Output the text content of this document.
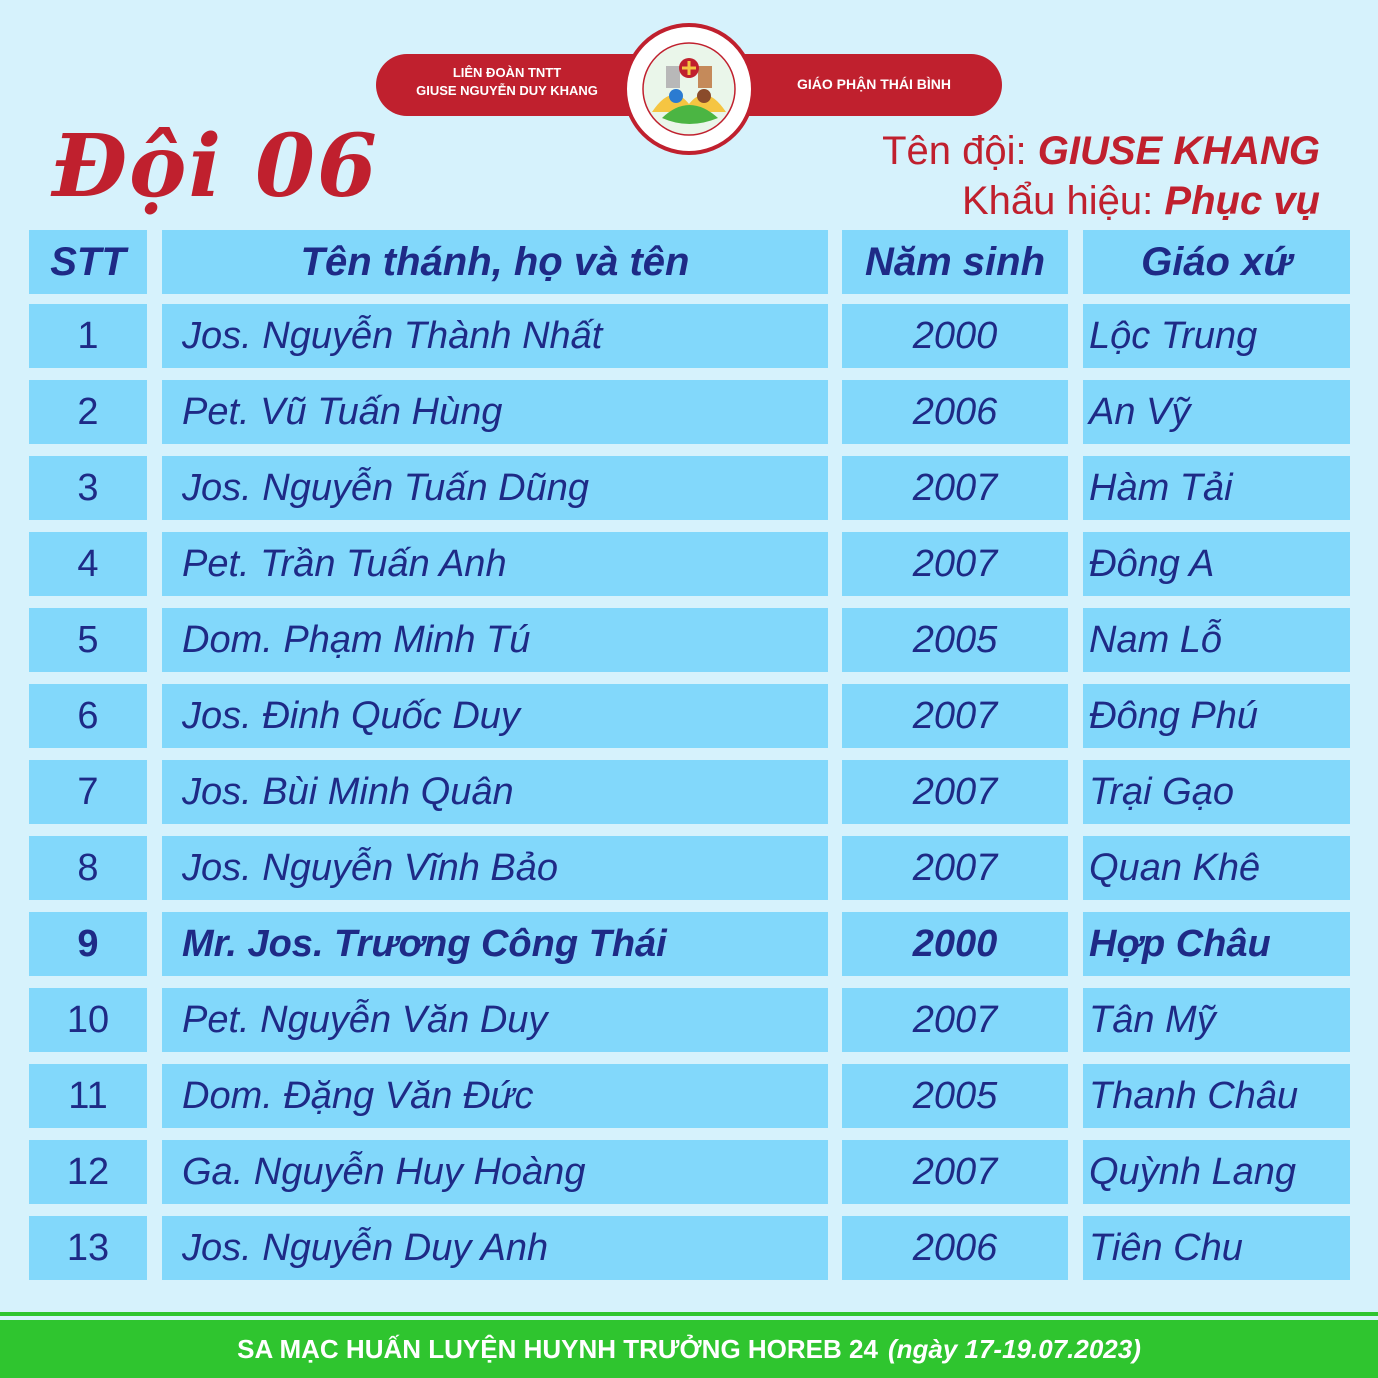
LIÊN ĐOÀN TNTT
GIUSE NGUYỄN DUY KHANG	GIÁO PHẬN THÁI BÌNH
Đội 06	Tên đội: GIUSE KHANG
Khẩu hiệu: Phục vụ
STT	Tên thánh, họ và tên	Năm sinh	Giáo xứ
1	Jos. Nguyễn Thành Nhất	2000	Lộc Trung
2	Pet. Vũ Tuấn Hùng	2006	An Vỹ
3	Jos. Nguyễn Tuấn Dũng	2007	Hàm Tải
4	Pet. Trần Tuấn Anh	2007	Đông A
5	Dom. Phạm Minh Tú	2005	Nam Lỗ
6	Jos. Đinh Quốc Duy	2007	Đông Phú
7	Jos. Bùi Minh Quân	2007	Trại Gạo
8	Jos. Nguyễn Vĩnh Bảo	2007	Quan Khê
9	Mr. Jos. Trương Công Thái	2000	Hợp Châu
10	Pet. Nguyễn Văn Duy	2007	Tân Mỹ
11	Dom. Đặng Văn Đức	2005	Thanh Châu
12	Ga. Nguyễn Huy Hoàng	2007	Quỳnh Lang
13	Jos. Nguyễn Duy Anh	2006	Tiên Chu
SA MẠC HUẤN LUYỆN HUYNH TRƯỞNG HOREB 24 (ngày 17-19.07.2023)
